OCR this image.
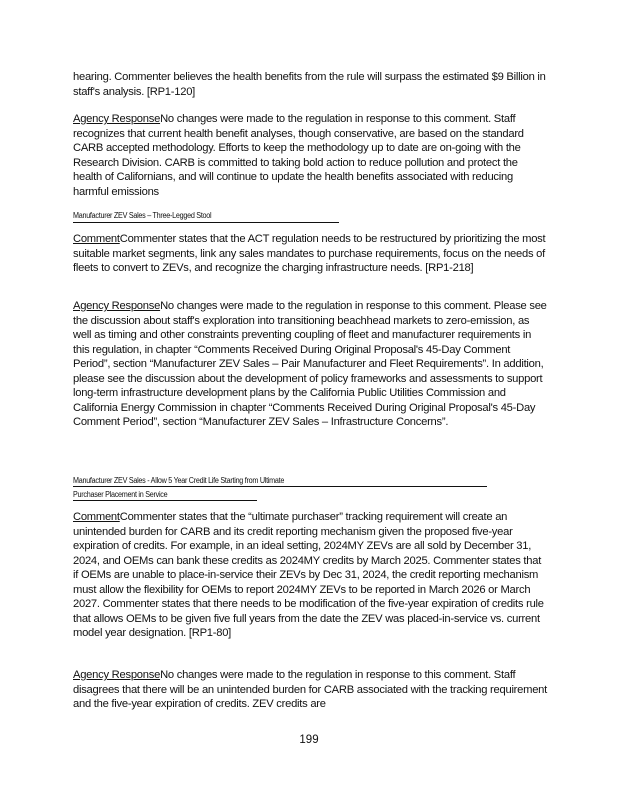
hearing. Commenter believes the health benefits from the rule will surpass the estimated $9 Billion in staff's analysis. [RP1-120]

Agency ResponseNo changes were made to the regulation in response to this comment. Staff recognizes that current health benefit analyses, though conservative, are based on the standard CARB accepted methodology. Efforts to keep the methodology up to date are on-going with the Research Division. CARB is committed to taking bold action to reduce pollution and protect the health of Californians, and will continue to update the health benefits associated with reducing harmful emissions

Manufacturer ZEV Sales – Three-Legged Stool

CommentCommenter states that the ACT regulation needs to be restructured by prioritizing the most suitable market segments, link any sales mandates to purchase requirements, focus on the needs of fleets to convert to ZEVs, and recognize the charging infrastructure needs. [RP1-218]

Agency ResponseNo changes were made to the regulation in response to this comment. Please see the discussion about staff's exploration into transitioning beachhead markets to zero-emission, as well as timing and other constraints preventing coupling of fleet and manufacturer requirements in this regulation, in chapter “Comments Received During Original Proposal's 45-Day Comment Period”, section “Manufacturer ZEV Sales – Pair Manufacturer and Fleet Requirements”. In addition, please see the discussion about the development of policy frameworks and assessments to support long-term infrastructure development plans by the California Public Utilities Commission and California Energy Commission in chapter “Comments Received During Original Proposal's 45-Day Comment Period”, section “Manufacturer ZEV Sales – Infrastructure Concerns”.

Manufacturer ZEV Sales - Allow 5 Year Credit Life Starting from Ultimate
Purchaser Placement in Service

CommentCommenter states that the “ultimate purchaser” tracking requirement will create an unintended burden for CARB and its credit reporting mechanism given the proposed five-year expiration of credits. For example, in an ideal setting, 2024MY ZEVs are all sold by December 31, 2024, and OEMs can bank these credits as 2024MY credits by March 2025. Commenter states that if OEMs are unable to place-in-service their ZEVs by Dec 31, 2024, the credit reporting mechanism must allow the flexibility for OEMs to report 2024MY ZEVs to be reported in March 2026 or March 2027. Commenter states that there needs to be modification of the five-year expiration of credits rule that allows OEMs to be given five full years from the date the ZEV was placed-in-service vs. current model year designation. [RP1-80]

Agency ResponseNo changes were made to the regulation in response to this comment. Staff disagrees that there will be an unintended burden for CARB associated with the tracking requirement and the five-year expiration of credits. ZEV credits are

199
